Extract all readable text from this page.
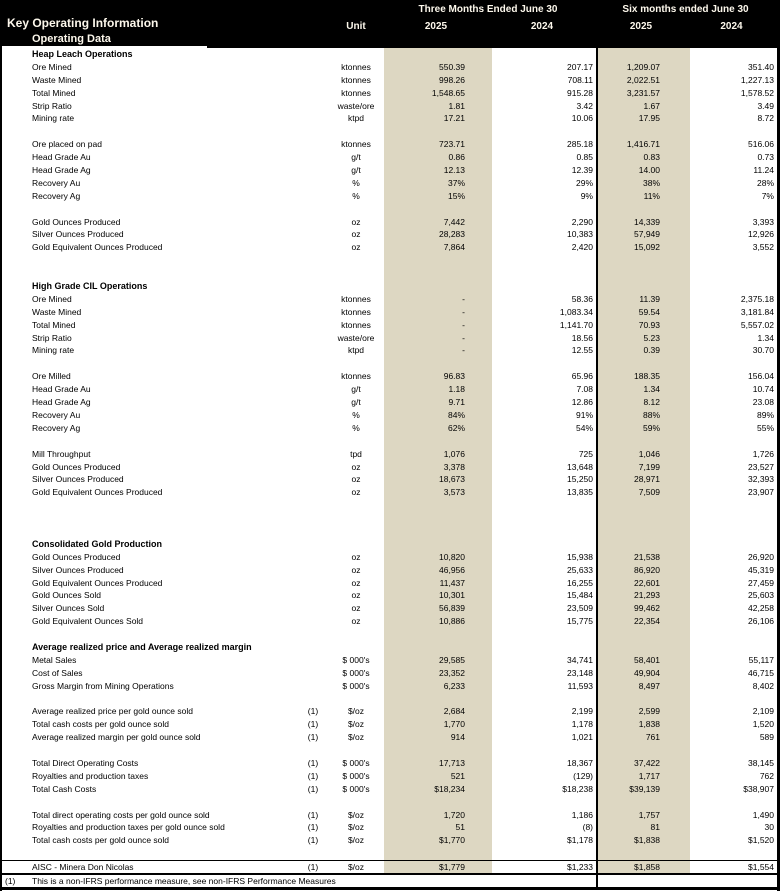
Key Operating Information
Operating Data
Unit
Three Months Ended June 30	Six months ended June 30
2025	2024	2025	2024
Heap Leach Operations
Ore Mined	ktonnes	550.39	207.17	1,209.07	351.40
Waste Mined	ktonnes	998.26	708.11	2,022.51	1,227.13
Total Mined	ktonnes	1,548.65	915.28	3,231.57	1,578.52
Strip Ratio	waste/ore	1.81	3.42	1.67	3.49
Mining rate	ktpd	17.21	10.06	17.95	8.72
Ore placed on pad	ktonnes	723.71	285.18	1,416.71	516.06
Head Grade Au	g/t	0.86	0.85	0.83	0.73
Head Grade Ag	g/t	12.13	12.39	14.00	11.24
Recovery Au	%	37%	29%	38%	28%
Recovery Ag	%	15%	9%	11%	7%
Gold Ounces Produced	oz	7,442	2,290	14,339	3,393
Silver Ounces Produced	oz	28,283	10,383	57,949	12,926
Gold Equivalent Ounces Produced	oz	7,864	2,420	15,092	3,552
High Grade CIL Operations
Ore Mined	ktonnes	-	58.36	11.39	2,375.18
Waste Mined	ktonnes	-	1,083.34	59.54	3,181.84
Total Mined	ktonnes	-	1,141.70	70.93	5,557.02
Strip Ratio	waste/ore	-	18.56	5.23	1.34
Mining rate	ktpd	-	12.55	0.39	30.70
Ore Milled	ktonnes	96.83	65.96	188.35	156.04
Head Grade Au	g/t	1.18	7.08	1.34	10.74
Head Grade Ag	g/t	9.71	12.86	8.12	23.08
Recovery Au	%	84%	91%	88%	89%
Recovery Ag	%	62%	54%	59%	55%
Mill Throughput	tpd	1,076	725	1,046	1,726
Gold Ounces Produced	oz	3,378	13,648	7,199	23,527
Silver Ounces Produced	oz	18,673	15,250	28,971	32,393
Gold Equivalent Ounces Produced	oz	3,573	13,835	7,509	23,907
Consolidated Gold Production
Gold Ounces Produced	oz	10,820	15,938	21,538	26,920
Silver Ounces Produced	oz	46,956	25,633	86,920	45,319
Gold Equivalent Ounces Produced	oz	11,437	16,255	22,601	27,459
Gold Ounces Sold	oz	10,301	15,484	21,293	25,603
Silver Ounces Sold	oz	56,839	23,509	99,462	42,258
Gold Equivalent Ounces Sold	oz	10,886	15,775	22,354	26,106
Average realized price and Average realized margin
Metal Sales	$ 000's	29,585	34,741	58,401	55,117
Cost of Sales	$ 000's	23,352	23,148	49,904	46,715
Gross Margin from Mining Operations	$ 000's	6,233	11,593	8,497	8,402
Average realized price per gold ounce sold	(1)	$/oz	2,684	2,199	2,599	2,109
Total cash costs per gold ounce sold	(1)	$/oz	1,770	1,178	1,838	1,520
Average realized margin per gold ounce sold	(1)	$/oz	914	1,021	761	589
Total Direct Operating Costs	(1)	$ 000's	17,713	18,367	37,422	38,145
Royalties and production taxes	(1)	$ 000's	521	(129)	1,717	762
Total Cash Costs	(1)	$ 000's	$18,234	$18,238	$39,139	$38,907
Total direct operating costs per gold ounce sold	(1)	$/oz	1,720	1,186	1,757	1,490
Royalties and production taxes per gold ounce sold	(1)	$/oz	51	(8)	81	30
Total cash costs per gold ounce sold	(1)	$/oz	$1,770	$1,178	$1,838	$1,520
AISC - Minera Don Nicolas	(1)	$/oz	$1,779	$1,233	$1,858	$1,554
(1)	This is a non-IFRS performance measure, see non-IFRS Performance Measures
